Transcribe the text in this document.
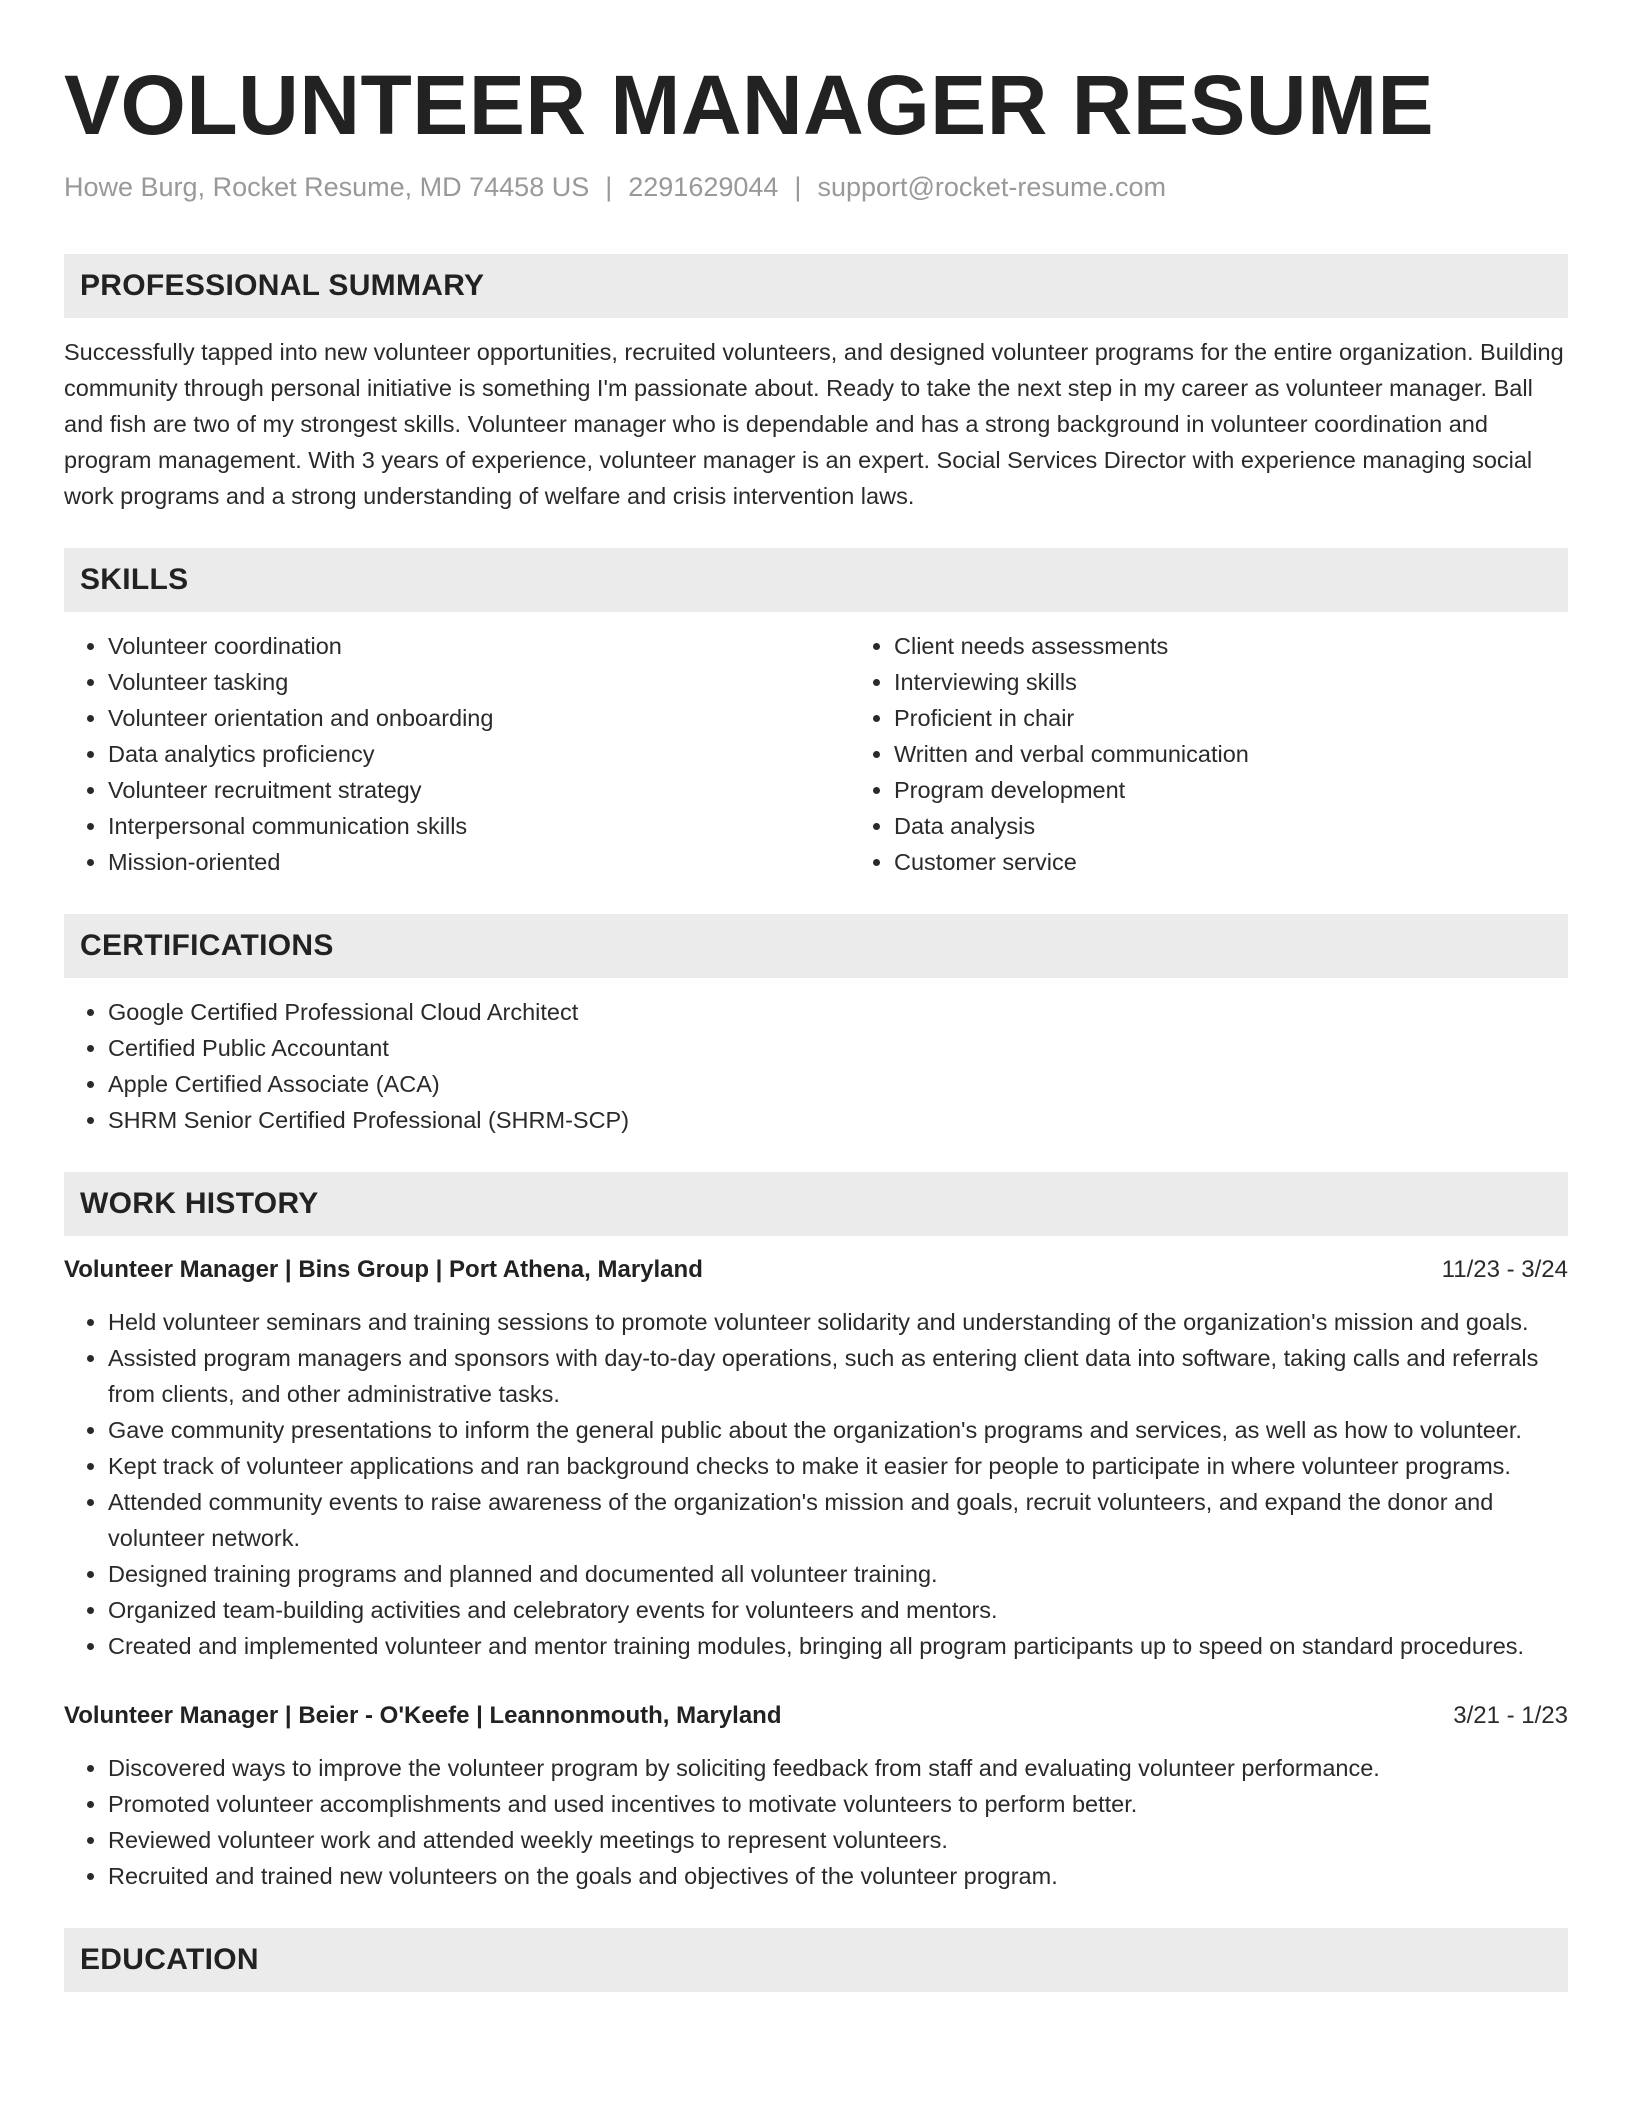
VOLUNTEER MANAGER RESUME
Howe Burg, Rocket Resume, MD 74458 US | 2291629044 | support@rocket-resume.com
PROFESSIONAL SUMMARY

Successfully tapped into new volunteer opportunities, recruited volunteers, and designed volunteer programs for the entire organization. Building community through personal initiative is something I'm passionate about. Ready to take the next step in my career as volunteer manager. Ball and fish are two of my strongest skills. Volunteer manager who is dependable and has a strong background in volunteer coordination and program management. With 3 years of experience, volunteer manager is an expert. Social Services Director with experience managing social work programs and a strong understanding of welfare and crisis intervention laws.

SKILLS
• Volunteer coordination
• Volunteer tasking
• Volunteer orientation and onboarding
• Data analytics proficiency
• Volunteer recruitment strategy
• Interpersonal communication skills
• Mission-oriented
• Client needs assessments
• Interviewing skills
• Proficient in chair
• Written and verbal communication
• Program development
• Data analysis
• Customer service
CERTIFICATIONS
• Google Certified Professional Cloud Architect
• Certified Public Accountant
• Apple Certified Associate (ACA)
• SHRM Senior Certified Professional (SHRM-SCP)
WORK HISTORY
Volunteer Manager | Bins Group | Port Athena, Maryland	11/23 - 3/24
• Held volunteer seminars and training sessions to promote volunteer solidarity and understanding of the organization's mission and goals.
• Assisted program managers and sponsors with day-to-day operations, such as entering client data into software, taking calls and referrals from clients, and other administrative tasks.
• Gave community presentations to inform the general public about the organization's programs and services, as well as how to volunteer.
• Kept track of volunteer applications and ran background checks to make it easier for people to participate in where volunteer programs.
• Attended community events to raise awareness of the organization's mission and goals, recruit volunteers, and expand the donor and volunteer network.
• Designed training programs and planned and documented all volunteer training.
• Organized team-building activities and celebratory events for volunteers and mentors.
• Created and implemented volunteer and mentor training modules, bringing all program participants up to speed on standard procedures.
Volunteer Manager | Beier - O'Keefe | Leannonmouth, Maryland	3/21 - 1/23
• Discovered ways to improve the volunteer program by soliciting feedback from staff and evaluating volunteer performance.
• Promoted volunteer accomplishments and used incentives to motivate volunteers to perform better.
• Reviewed volunteer work and attended weekly meetings to represent volunteers.
• Recruited and trained new volunteers on the goals and objectives of the volunteer program.
EDUCATION
